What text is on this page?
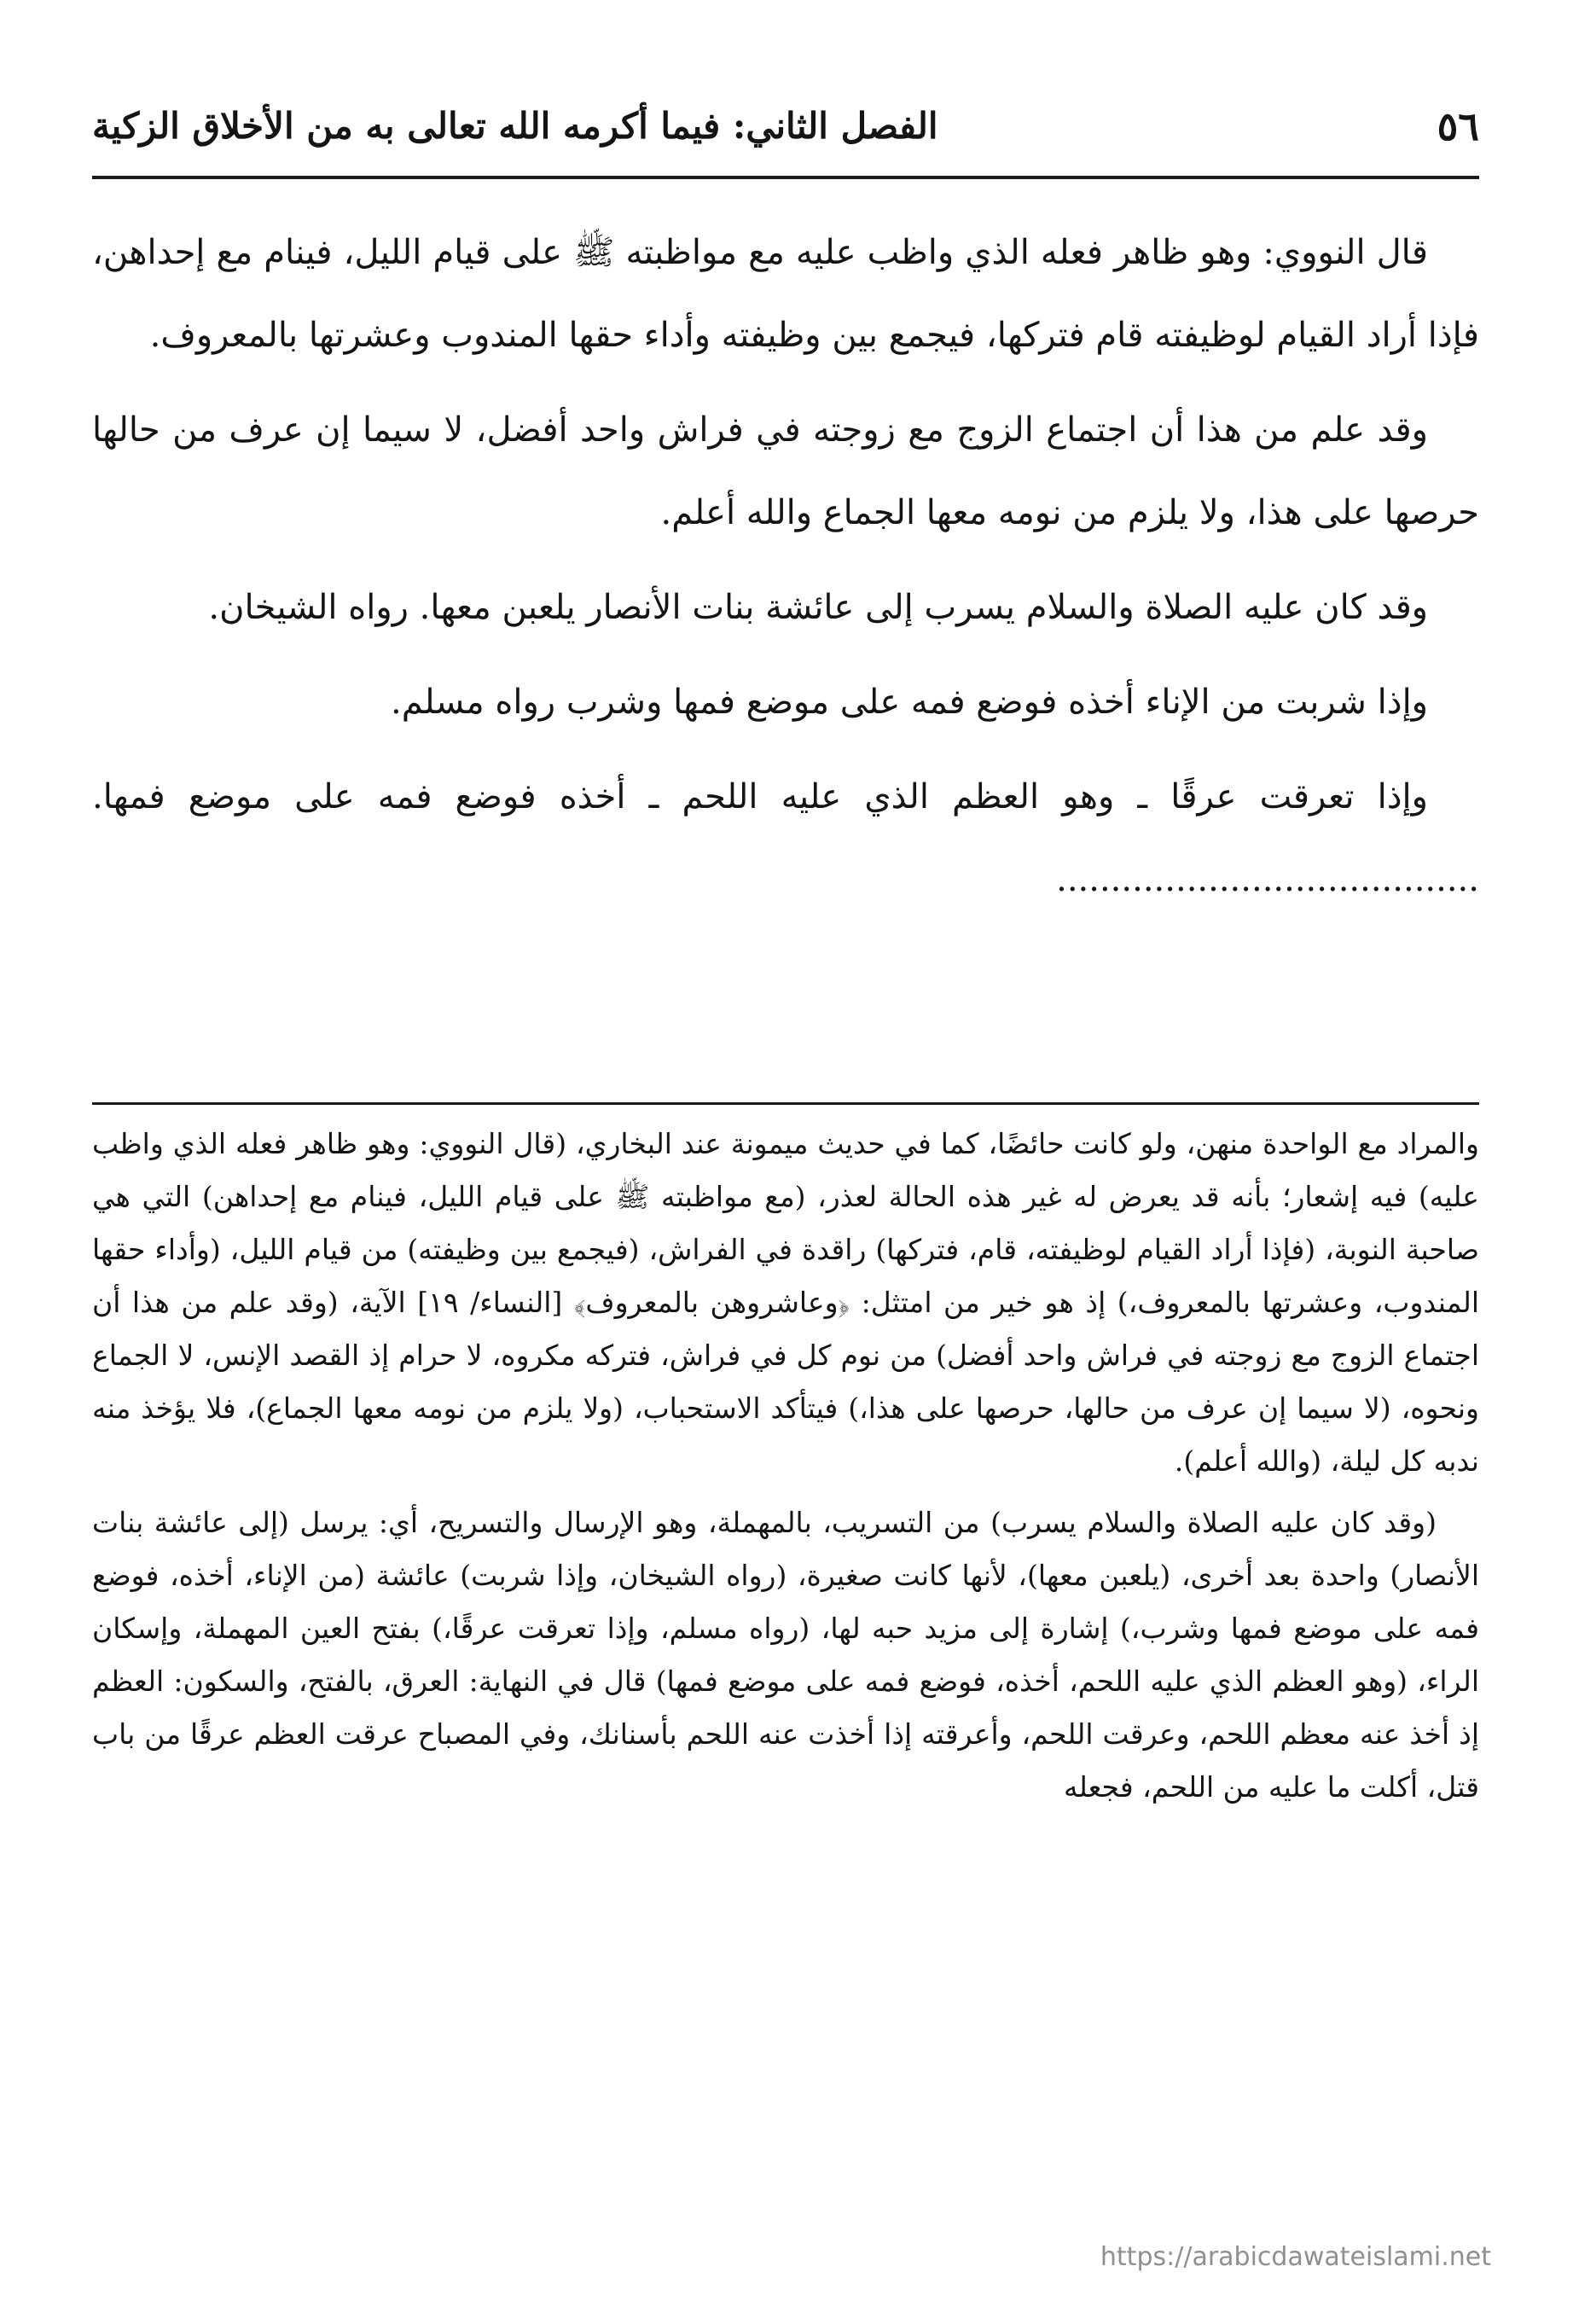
٥٦
الفصل الثاني: فيما أكرمه الله تعالى به من الأخلاق الزكية

قال النووي: وهو ظاهر فعله الذي واظب عليه مع مواظبته ﷺ على قيام الليل، فينام مع إحداهن، فإذا أراد القيام لوظيفته قام فتركها، فيجمع بين وظيفته وأداء حقها المندوب وعشرتها بالمعروف.

وقد علم من هذا أن اجتماع الزوج مع زوجته في فراش واحد أفضل، لا سيما إن عرف من حالها حرصها على هذا، ولا يلزم من نومه معها الجماع والله أعلم.

وقد كان عليه الصلاة والسلام يسرب إلى عائشة بنات الأنصار يلعبن معها. رواه الشيخان.

وإذا شربت من الإناء أخذه فوضع فمه على موضع فمها وشرب رواه مسلم.

وإذا تعرقت عرقًا ـ وهو العظم الذي عليه اللحم ـ أخذه فوضع فمه على موضع فمها. .......................................

والمراد مع الواحدة منهن، ولو كانت حائضًا، كما في حديث ميمونة عند البخاري، (قال النووي: وهو ظاهر فعله الذي واظب عليه) فيه إشعار؛ بأنه قد يعرض له غير هذه الحالة لعذر، (مع مواظبته ﷺ على قيام الليل، فينام مع إحداهن) التي هي صاحبة النوبة، (فإذا أراد القيام لوظيفته، قام، فتركها) راقدة في الفراش، (فيجمع بين وظيفته) من قيام الليل، (وأداء حقها المندوب، وعشرتها بالمعروف،) إذ هو خير من امتثل: ﴿وعاشروهن بالمعروف﴾ [النساء/ ١٩] الآية، (وقد علم من هذا أن اجتماع الزوج مع زوجته في فراش واحد أفضل) من نوم كل في فراش، فتركه مكروه، لا حرام إذ القصد الإنس، لا الجماع ونحوه، (لا سيما إن عرف من حالها، حرصها على هذا،) فيتأكد الاستحباب، (ولا يلزم من نومه معها الجماع)، فلا يؤخذ منه ندبه كل ليلة، (والله أعلم).

(وقد كان عليه الصلاة والسلام يسرب) من التسريب، بالمهملة، وهو الإرسال والتسريح، أي: يرسل (إلى عائشة بنات الأنصار) واحدة بعد أخرى، (يلعبن معها)، لأنها كانت صغيرة، (رواه الشيخان، وإذا شربت) عائشة (من الإناء، أخذه، فوضع فمه على موضع فمها وشرب،) إشارة إلى مزيد حبه لها، (رواه مسلم، وإذا تعرقت عرقًا،) بفتح العين المهملة، وإسكان الراء، (وهو العظم الذي عليه اللحم، أخذه، فوضع فمه على موضع فمها) قال في النهاية: العرق، بالفتح، والسكون: العظم إذ أخذ عنه معظم اللحم، وعرقت اللحم، وأعرقته إذا أخذت عنه اللحم بأسنانك، وفي المصباح عرقت العظم عرقًا من باب قتل، أكلت ما عليه من اللحم، فجعله

https://arabicdawateislami.net
